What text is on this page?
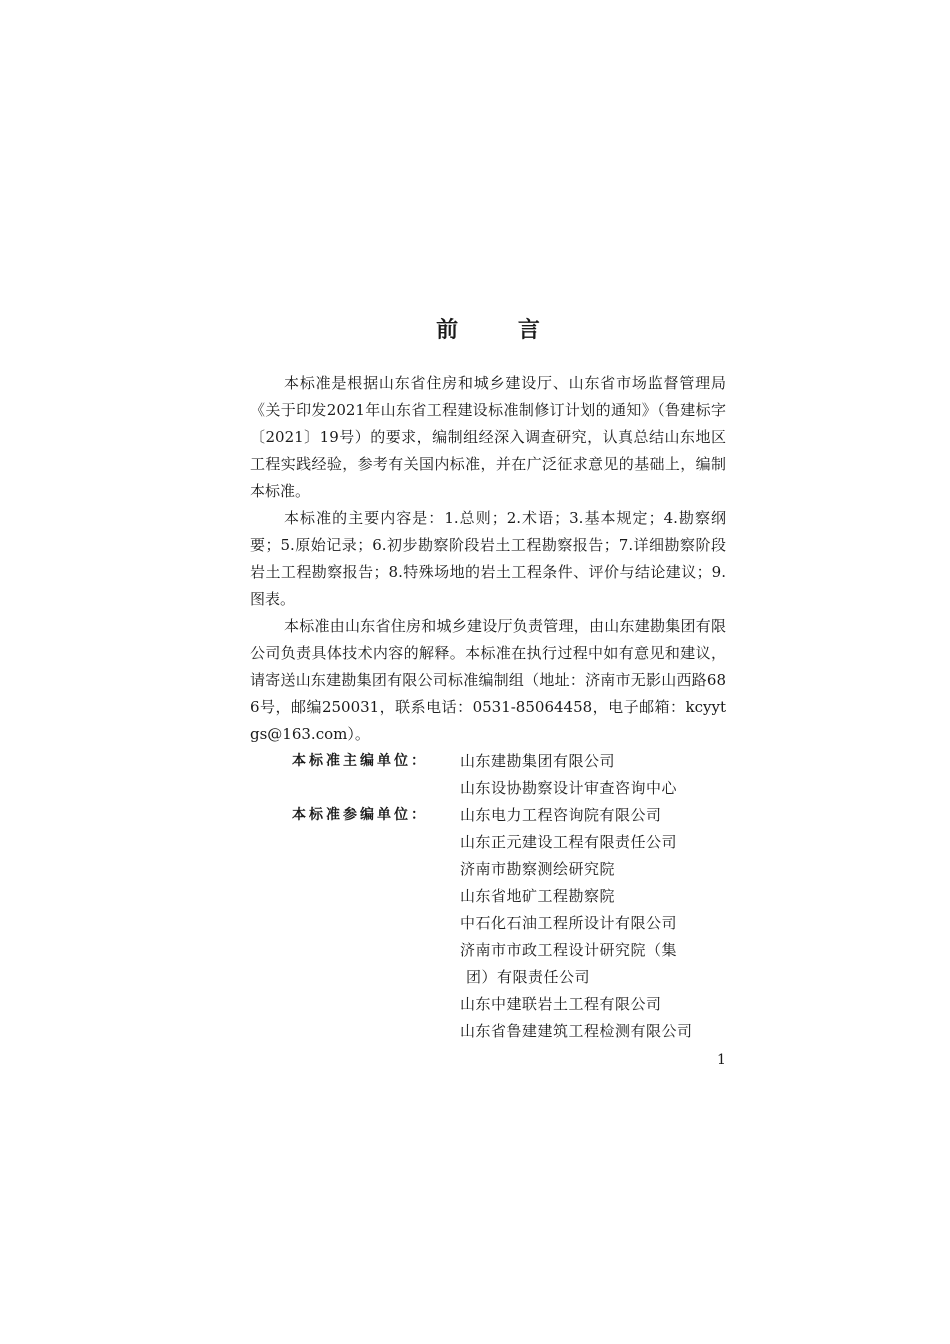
前 言

本标准是根据山东省住房和城乡建设厅、山东省市场监督管理局《关于印发2021年山东省工程建设标准制修订计划的通知》（鲁建标字〔2021〕19号）的要求，编制组经深入调查研究，认真总结山东地区工程实践经验，参考有关国内标准，并在广泛征求意见的基础上，编制本标准。

本标准的主要内容是：1.总则；2.术语；3.基本规定；4.勘察纲要；5.原始记录；6.初步勘察阶段岩土工程勘察报告；7.详细勘察阶段岩土工程勘察报告；8.特殊场地的岩土工程条件、评价与结论建议；9.图表。

本标准由山东省住房和城乡建设厅负责管理，由山东建勘集团有限公司负责具体技术内容的解释。本标准在执行过程中如有意见和建议，请寄送山东建勘集团有限公司标准编制组（地址：济南市无影山西路686号，邮编250031，联系电话：0531-85064458，电子邮箱：kcyytgs@163.com）。

本标准主编单位：	山东建勘集团有限公司
山东设协勘察设计审查咨询中心
本标准参编单位：	山东电力工程咨询院有限公司
山东正元建设工程有限责任公司
济南市勘察测绘研究院
山东省地矿工程勘察院
中石化石油工程所设计有限公司
济南市市政工程设计研究院（集
团）有限责任公司
山东中建联岩土工程有限公司
山东省鲁建建筑工程检测有限公司
1
